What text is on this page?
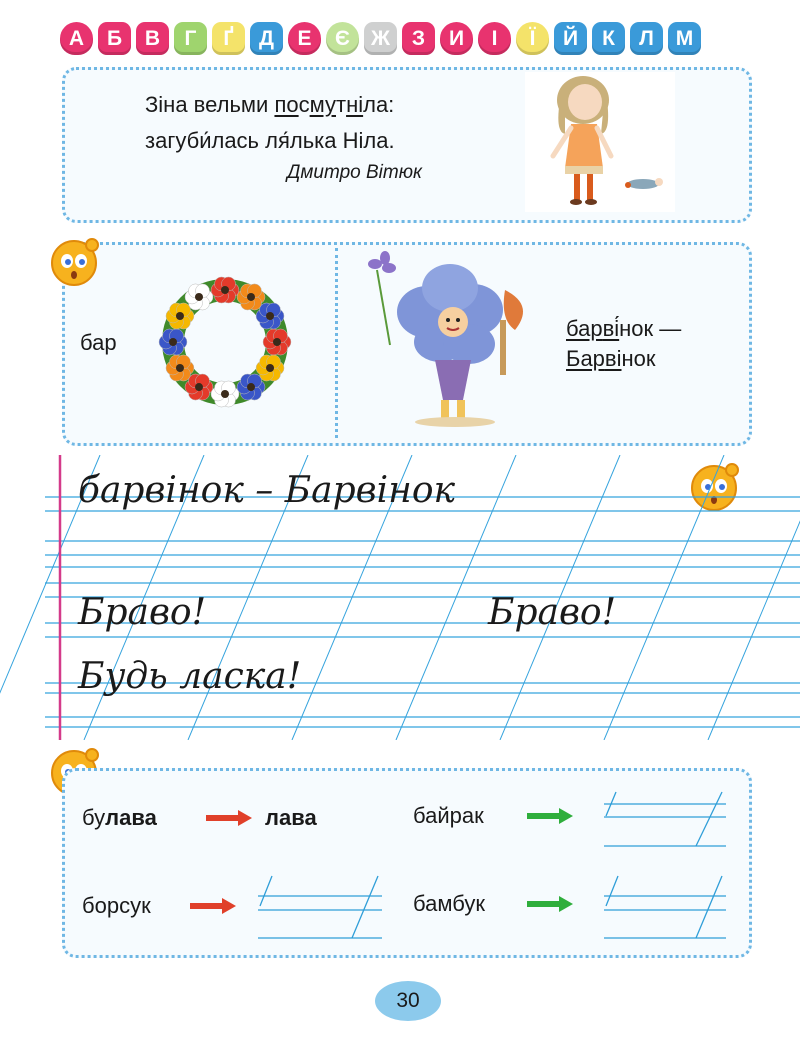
А	Б	В	Г	Ґ	Д	Е	Є	Ж	З	И	І	Ї	Й	К	Л	М
Зіна вельми посмутніла:
загуби́лась ля́лька Ніла.
Дмитро Вітюк
бар
барві́нок —
Барвінок
барвінок – Барвінок
Браво!	Браво!
Будь ласка!
булава	лава	байрак
борсук	бамбук
30
